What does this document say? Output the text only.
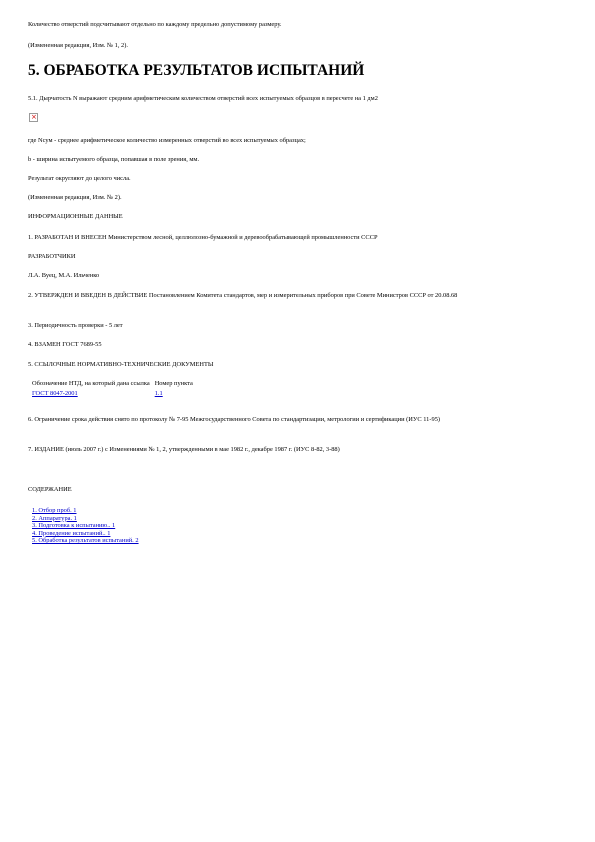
Количество отверстий подсчитывают отдельно по каждому предельно допустимому размеру.
(Измененная редакция, Изм. № 1, 2).
5. ОБРАБОТКА РЕЗУЛЬТАТОВ ИСПЫТАНИЙ
5.1. Дырчатость N выражают средним арифметическим количеством отверстий всех испытуемых образцов в пересчете на 1 дм2
×
где Nсум - среднее арифметическое количество измеренных отверстий во всех испытуемых образцах;
b - ширина испытуемого образца, попавшая в поле зрения, мм.
Результат округляют до целого числа.
(Измененная редакция, Изм. № 2).
ИНФОРМАЦИОННЫЕ ДАННЫЕ
1. РАЗРАБОТАН И ВНЕСЕН Министерством лесной, целлюлозно-бумажной и деревообрабатывающей промышленности СССР
РАЗРАБОТЧИКИ
Л.А. Вуец, М.А. Ильченко
2. УТВЕРЖДЕН И ВВЕДЕН В ДЕЙСТВИЕ Постановлением Комитета стандартов, мер и измерительных приборов при Совете Министров СССР от 20.08.68
3. Периодичность проверки - 5 лет
4. ВЗАМЕН ГОСТ 7689-55
5. ССЫЛОЧНЫЕ НОРМАТИВНО-ТЕХНИЧЕСКИЕ ДОКУМЕНТЫ
Обозначение НТД, на который дана ссылка	Номер пункта
ГОСТ 8047-2001	1.1
6. Ограничение срока действия снято по протоколу № 7-95 Межгосударственного Совета по стандартизации, метрологии и сертификации (ИУС 11-95)
7. ИЗДАНИЕ (июль 2007 г.) с Изменениями № 1, 2, утвержденными в мае 1982 г., декабре 1987 г. (ИУС 8-82, 3-88)
СОДЕРЖАНИЕ
1. Отбор проб. 1
2. Аппаратура. 1
3. Подготовка к испытанию.. 1
4. Проведение испытаний.. 1
5. Обработка результатов испытаний. 2
